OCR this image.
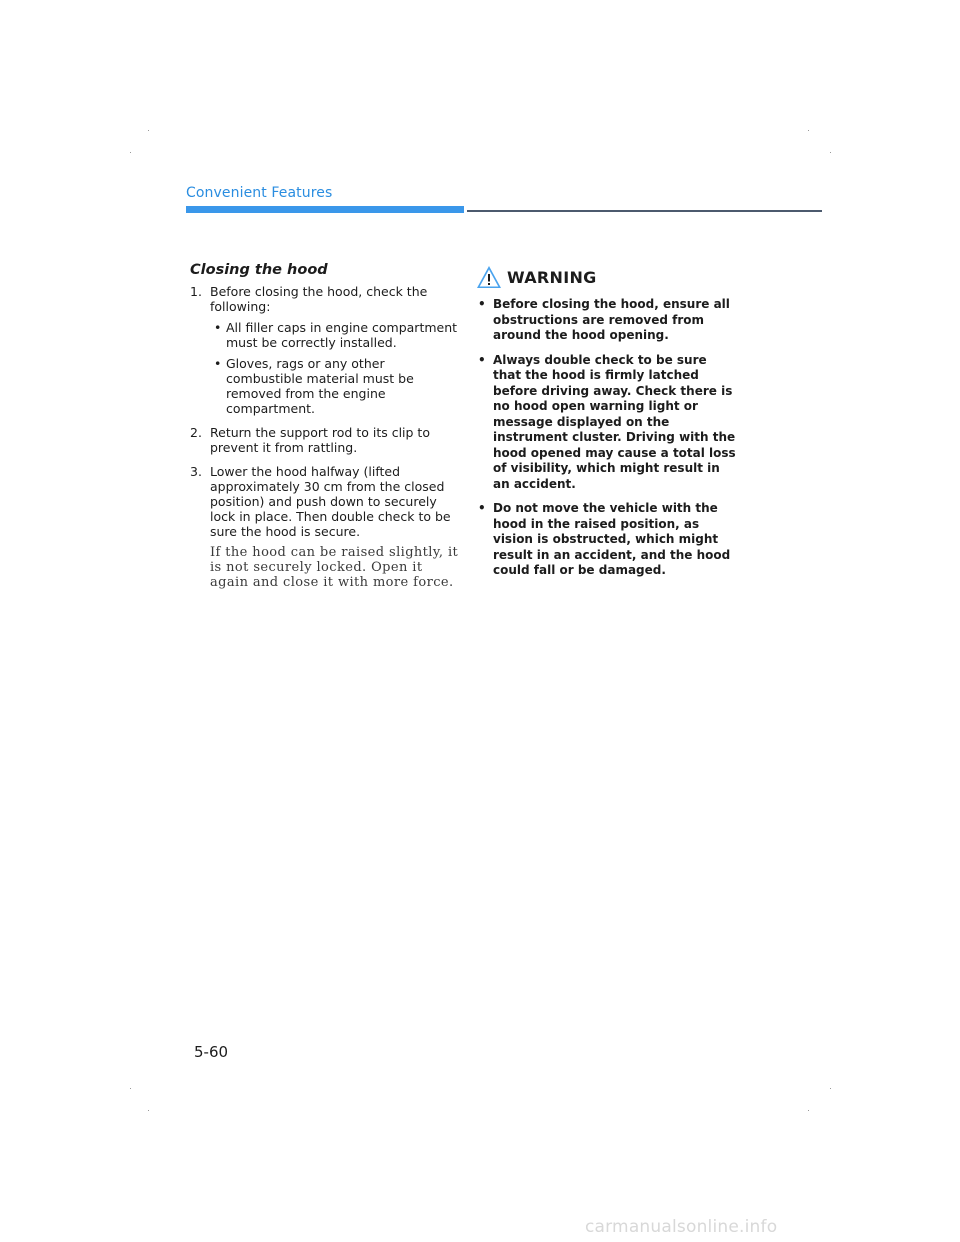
Convenient Features
Closing the hood
1. Before closing the hood, check the following:
• All filler caps in engine compartment must be correctly installed.
• Gloves, rags or any other combustible material must be removed from the engine compartment.
2. Return the support rod to its clip to prevent it from rattling.
3. Lower the hood halfway (lifted approximately 30 cm from the closed position) and push down to securely lock in place. Then double check to be sure the hood is secure.

If the hood can be raised slightly, it is not securely locked. Open it again and close it with more force.

WARNING
• Before closing the hood, ensure all obstructions are removed from around the hood opening.
• Always double check to be sure that the hood is firmly latched before driving away. Check there is no hood open warning light or message displayed on the instrument cluster. Driving with the hood opened may cause a total loss of visibility, which might result in an accident.
• Do not move the vehicle with the hood in the raised position, as vision is obstructed, which might result in an accident, and the hood could fall or be damaged.
5-60
carmanualsonline.info
